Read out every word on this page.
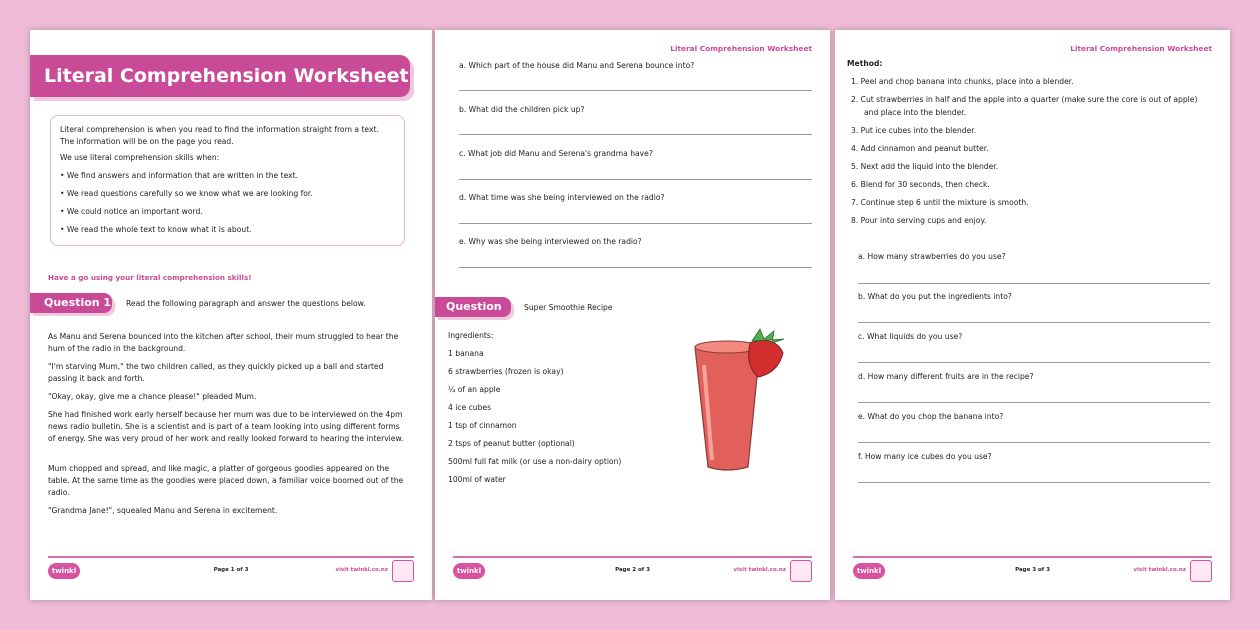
Literal Comprehension Worksheet
Literal comprehension is when you read to find the information straight from a text. The information will be on the page you read.
We use literal comprehension skills when:
• We find answers and information that are written in the text.
• We read questions carefully so we know what we are looking for.
• We could notice an important word.
• We read the whole text to know what it is about.
Have a go using your literal comprehension skills!
Question 1 Read the following paragraph and answer the questions below.
As Manu and Serena bounced into the kitchen after school, their mum struggled to hear the hum of the radio in the background.
"I'm starving Mum," the two children called, as they quickly picked up a ball and started passing it back and forth.
"Okay, okay, give me a chance please!" pleaded Mum.
She had finished work early herself because her mum was due to be interviewed on the 4pm news radio bulletin. She is a scientist and is part of a team looking into using different forms of energy. She was very proud of her work and really looked forward to hearing the interview.
Mum chopped and spread, and like magic, a platter of gorgeous goodies appeared on the table. At the same time as the goodies were placed down, a familiar voice boomed out of the radio.
"Grandma Jane!", squealed Manu and Serena in excitement.
twinkl	Page 1 of 3	visit twinkl.co.nz
Literal Comprehension Worksheet
a. Which part of the house did Manu and Serena bounce into?
b. What did the children pick up?
c. What job did Manu and Serena's grandma have?
d. What time was she being interviewed on the radio?
e. Why was she being interviewed on the radio?
Question 2
Super Smoothie Recipe
Ingredients:
1 banana
6 strawberries (frozen is okay)
¼ of an apple
4 ice cubes
1 tsp of cinnamon
2 tsps of peanut butter (optional)
500ml full fat milk (or use a non-dairy option)
100ml of water
twinkl	Page 2 of 3	visit twinkl.co.nz
Literal Comprehension Worksheet
Method:
1. Peel and chop banana into chunks, place into a blender.
2. Cut strawberries in half and the apple into a quarter (make sure the core is out of apple)
and place into the blender.
3. Put ice cubes into the blender.
4. Add cinnamon and peanut butter.
5. Next add the liquid into the blender.
6. Blend for 30 seconds, then check.
7. Continue step 6 until the mixture is smooth.
8. Pour into serving cups and enjoy.
a. How many strawberries do you use?
b. What do you put the ingredients into?
c. What liquids do you use?
d. How many different fruits are in the recipe?
e. What do you chop the banana into?
f. How many ice cubes do you use?
twinkl	Page 3 of 3	visit twinkl.co.nz
